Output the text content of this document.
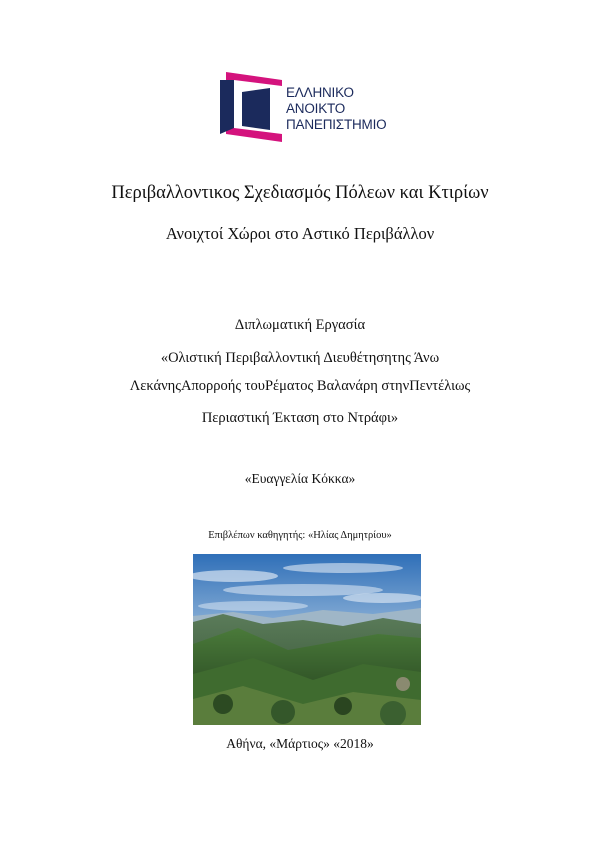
ΕΛΛΗΝΙΚΟ
ΑΝΟΙΚΤΟ
ΠΑΝΕΠΙΣΤΗΜΙΟ
Περιβαλλοντικος Σχεδιασμός Πόλεων και Κτιρίων
Ανοιχτοί Χώροι στο Αστικό Περιβάλλον
Διπλωματική Εργασία
«Ολιστική Περιβαλλοντική Διευθέτησητης Άνω
ΛεκάνηςΑπορροής τουΡέματος Βαλανάρη στηνΠεντέλιως
Περιαστική Έκταση στο Ντράφι»
«Ευαγγελία Κόκκα»
Επιβλέπων καθηγητής: «Ηλίας Δημητρίου»
Αθήνα, «Μάρτιος» «2018»
